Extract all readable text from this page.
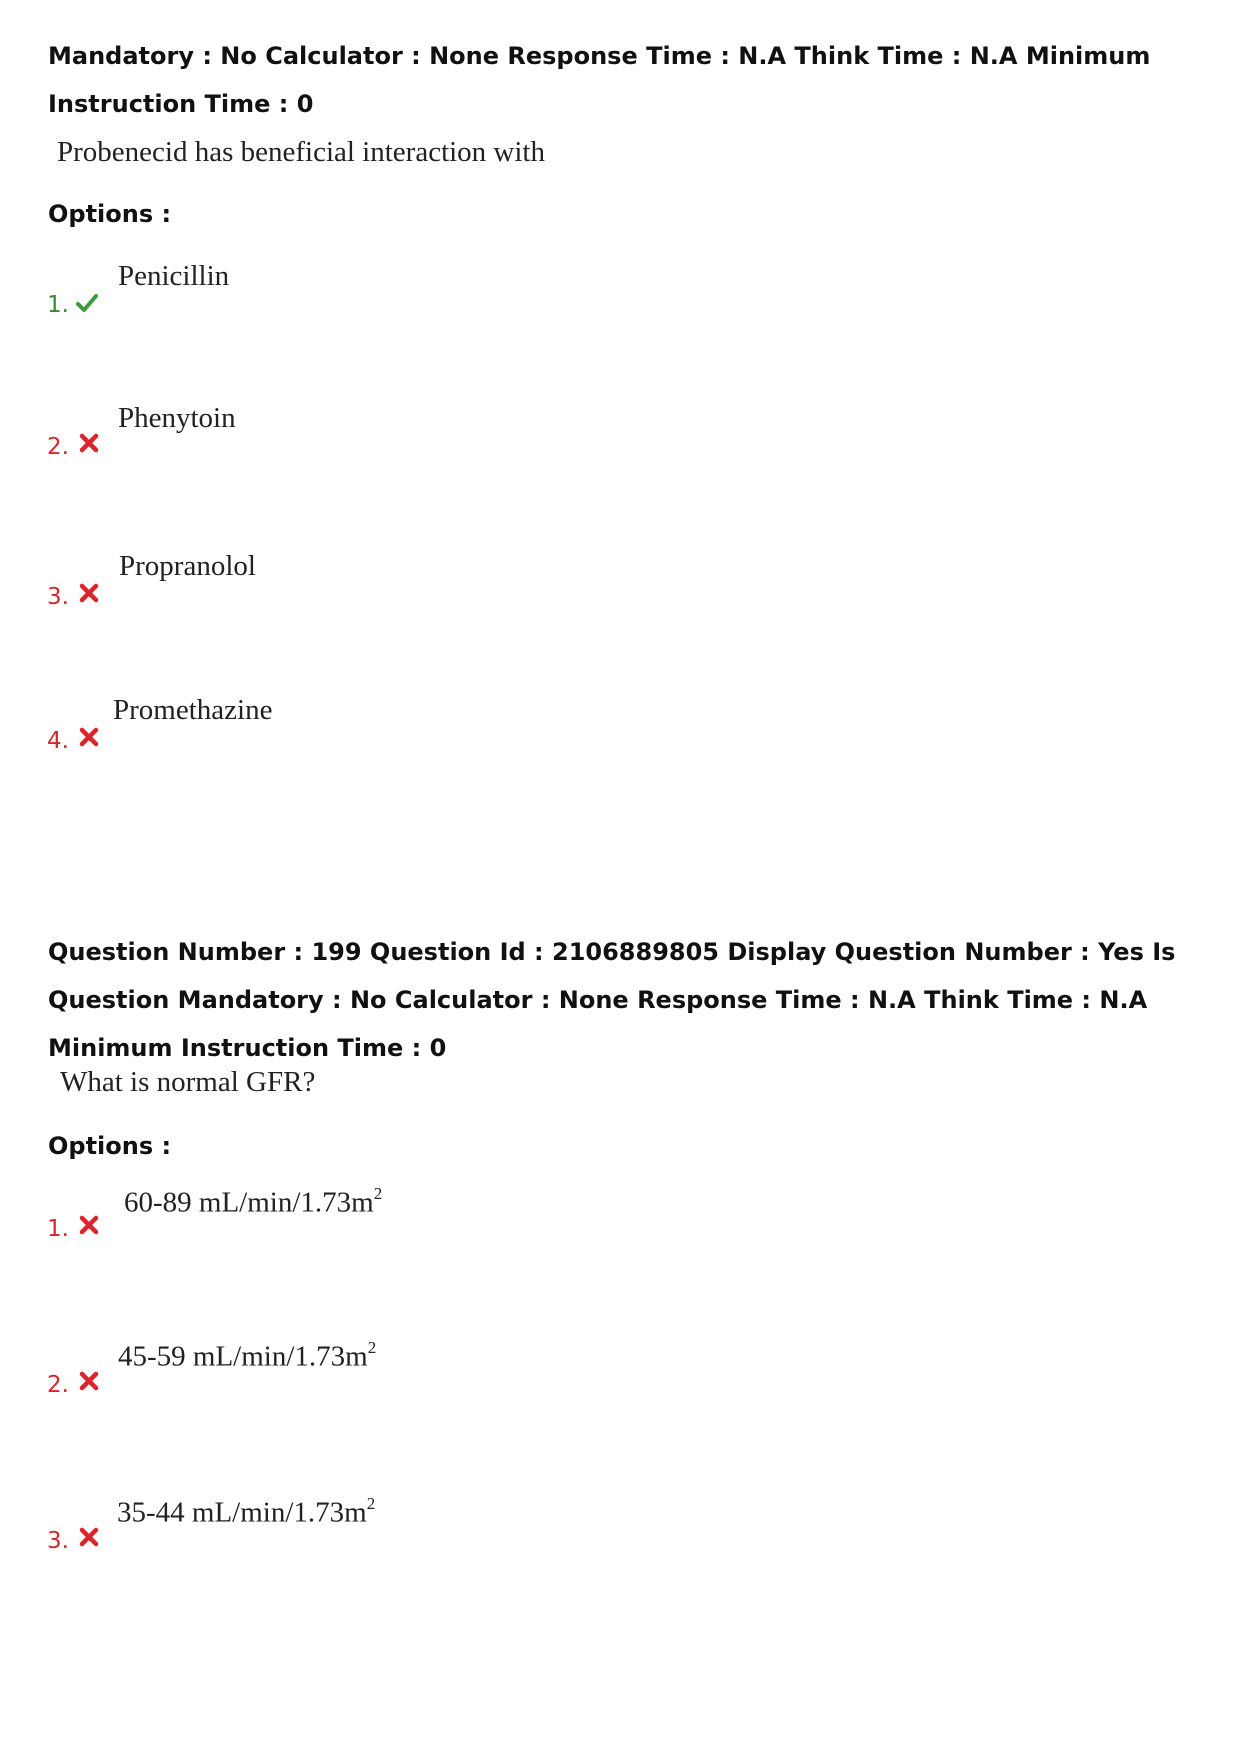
Mandatory : No Calculator : None Response Time : N.A Think Time : N.A Minimum Instruction Time : 0

Probenecid has beneficial interaction with

Options :

1.
Penicillin
2.
Phenytoin
3.
Propranolol
4.
Promethazine

Question Number : 199 Question Id : 2106889805 Display Question Number : Yes Is Question Mandatory : No Calculator : None Response Time : N.A Think Time : N.A Minimum Instruction Time : 0

What is normal GFR?

Options :

1.
60-89 $mL/\min/1.73m^2$
2.
45-59 $mL/\min/1.73m^2$
3.
35-44 $mL/\min/1.73m^2$
